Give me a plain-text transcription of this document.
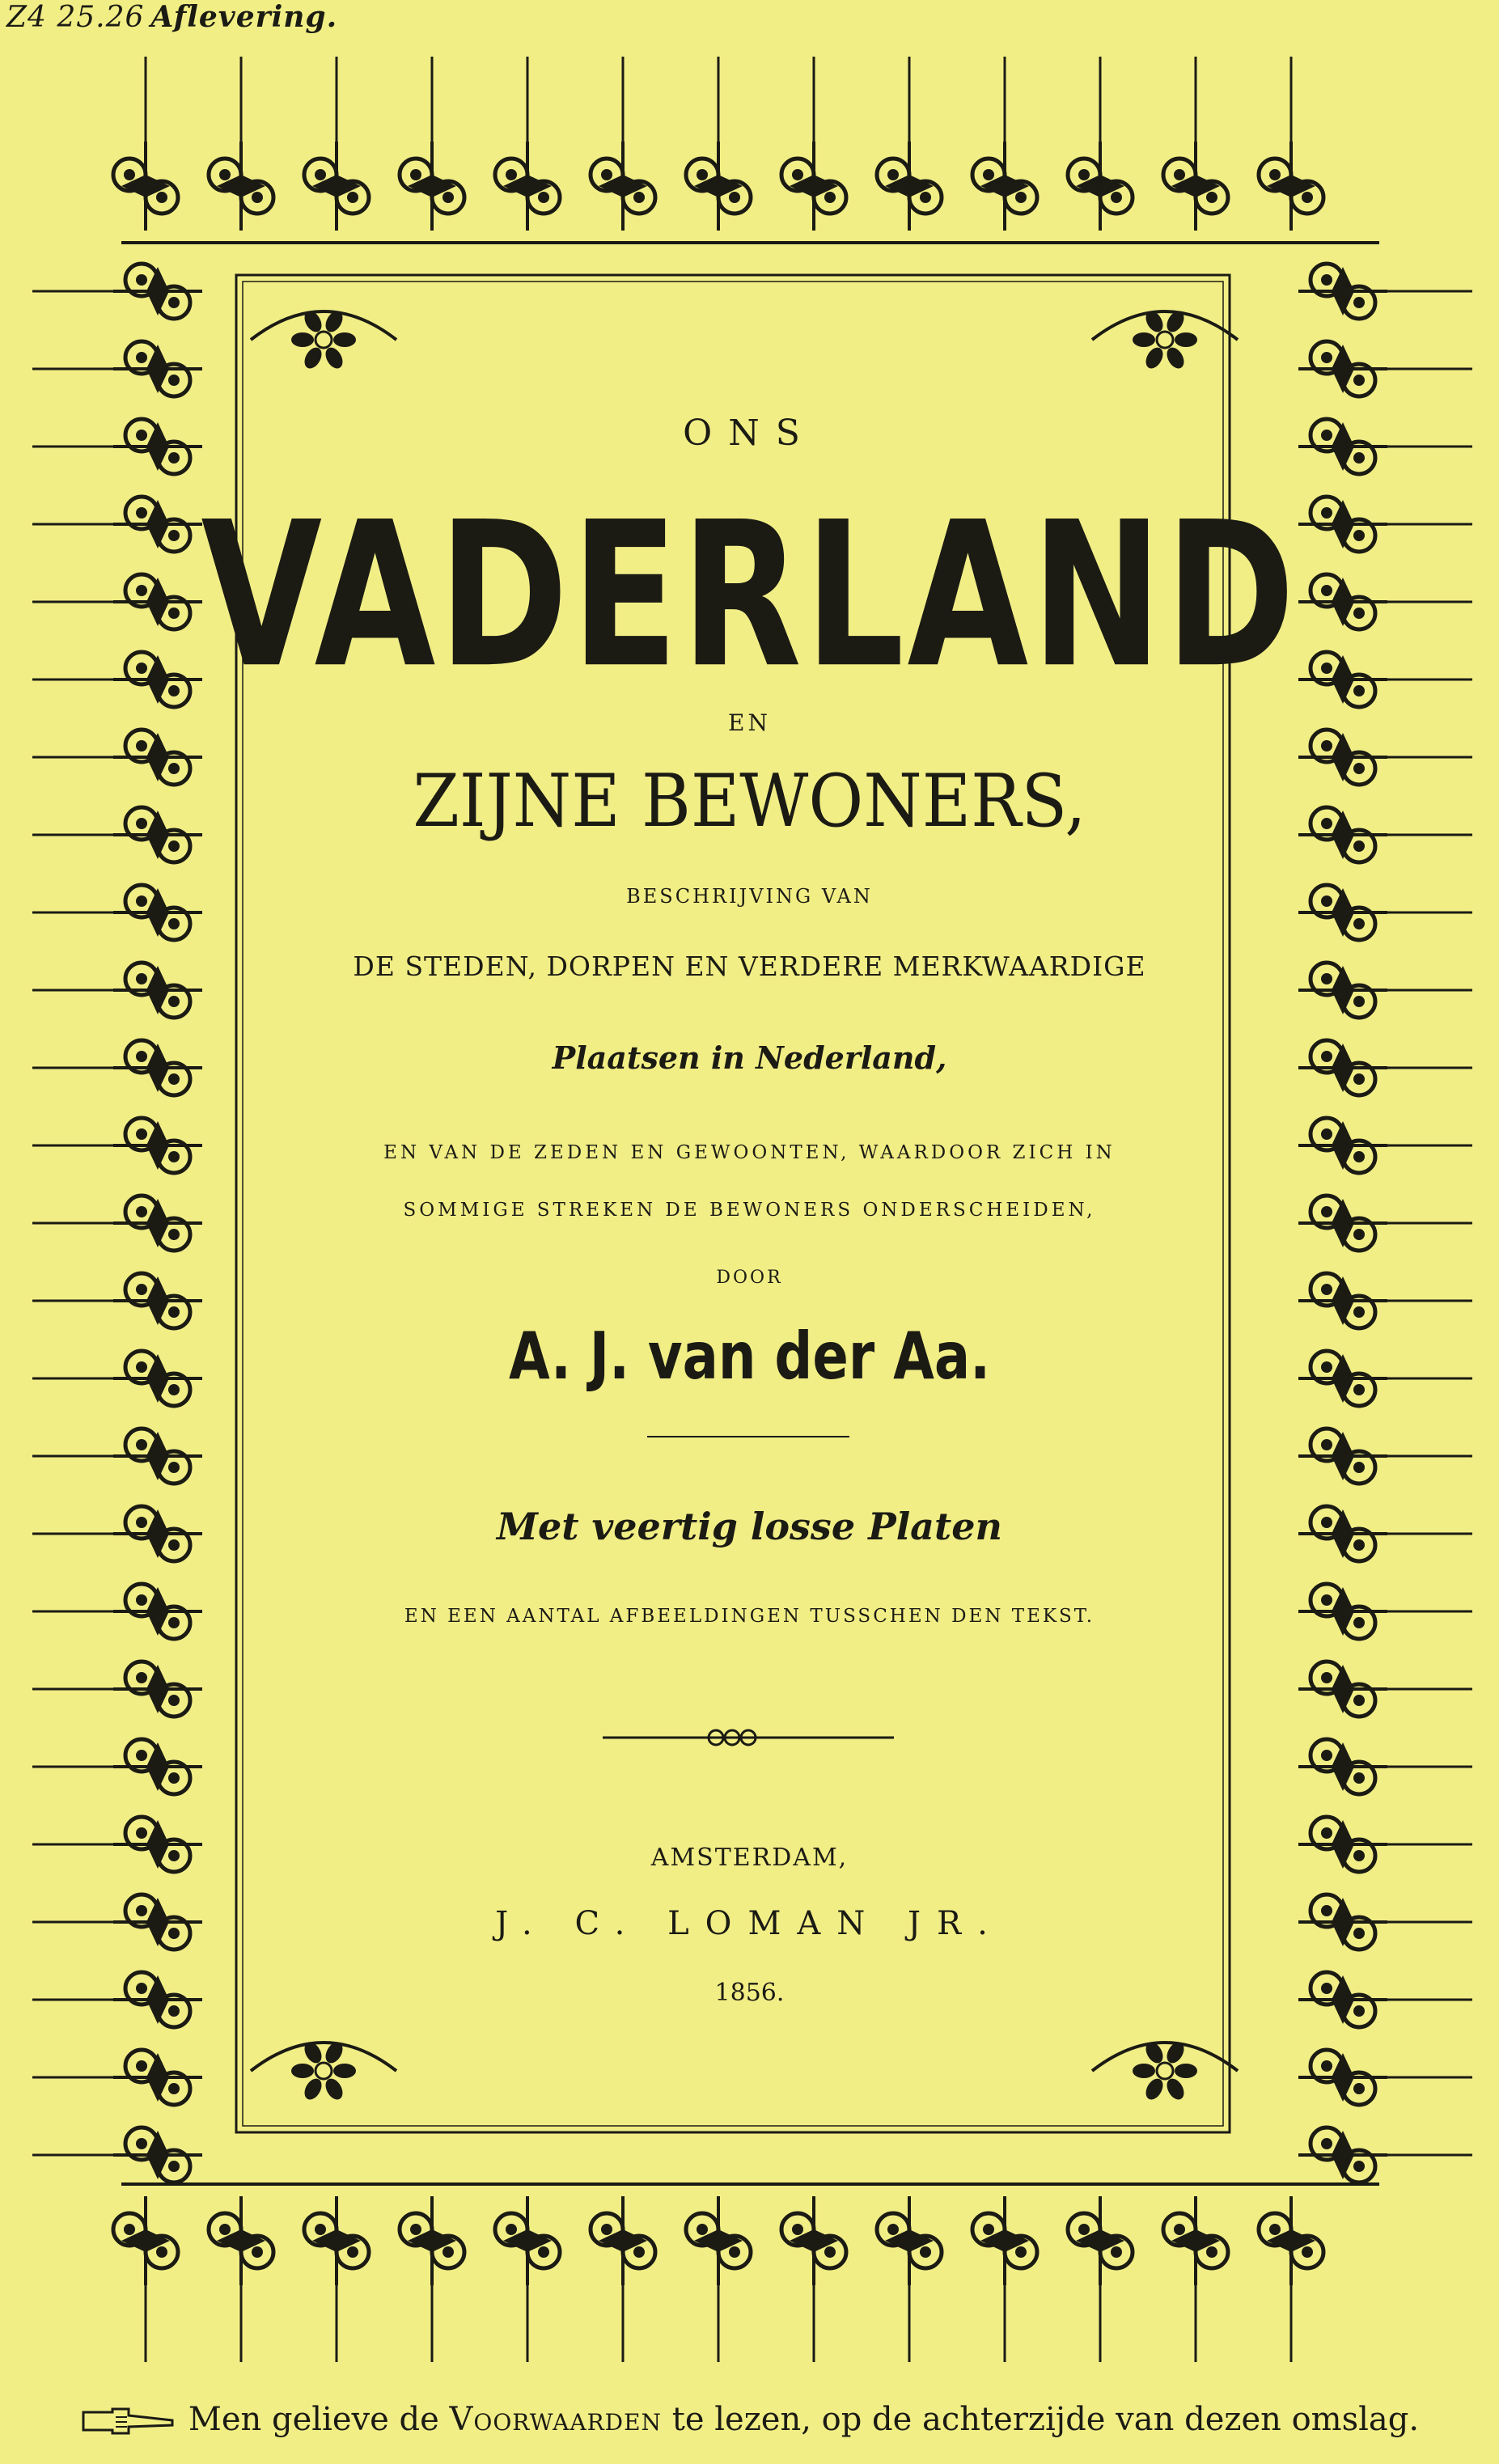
Z4 25.26 Aflevering.
ONS
VADERLAND
EN
ZIJNE BEWONERS,
BESCHRIJVING VAN
DE STEDEN, DORPEN EN VERDERE MERKWAARDIGE
Plaatsen in Nederland,
EN VAN DE ZEDEN EN GEWOONTEN, WAARDOOR ZICH IN
SOMMIGE STREKEN DE BEWONERS ONDERSCHEIDEN,
DOOR
A. J. van der Aa.
Met veertig losse Platen
EN EEN AANTAL AFBEELDINGEN TUSSCHEN DEN TEKST.
AMSTERDAM,
J. C. LOMAN JR.
1856.
Men gelieve de Voorwaarden te lezen, op de achterzijde van dezen omslag.
